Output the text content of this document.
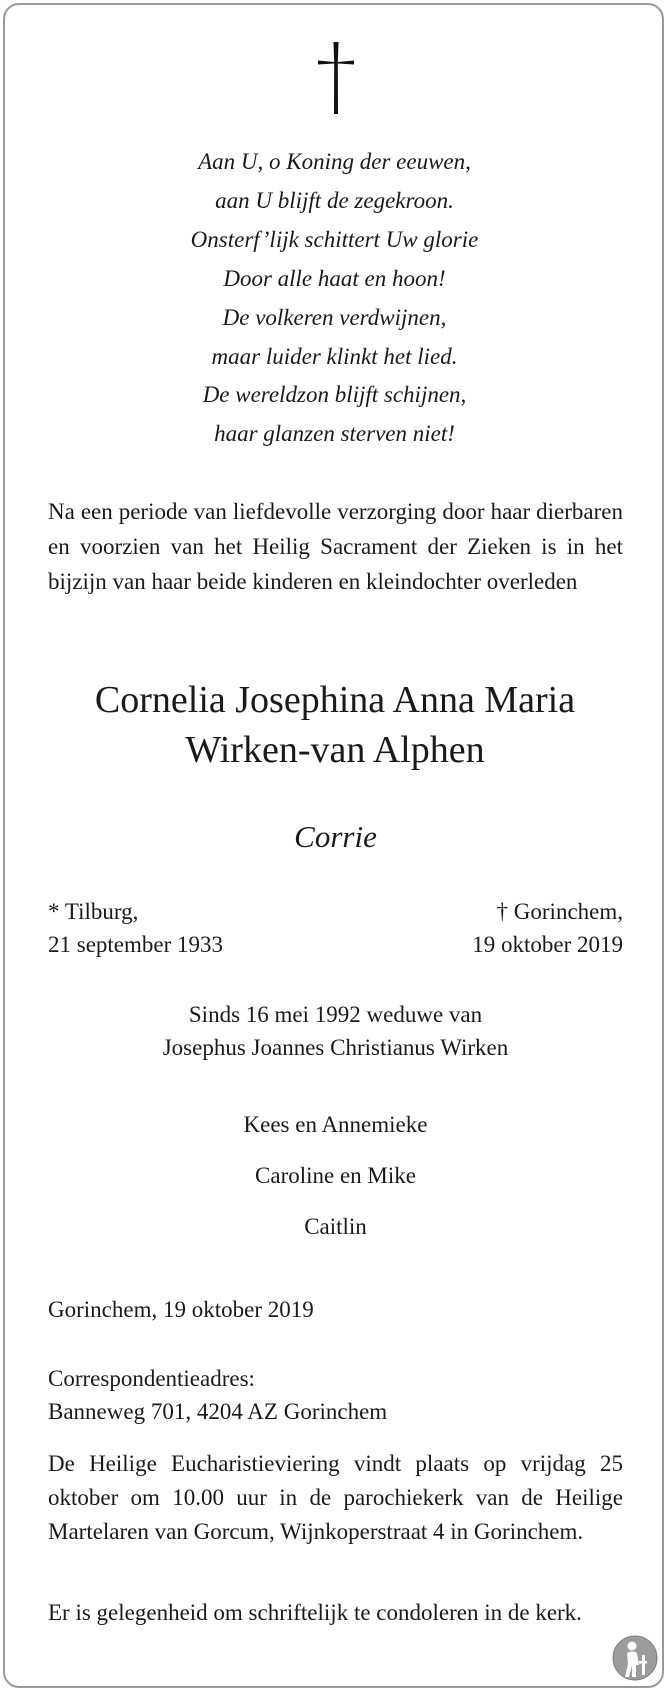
Aan U, o Koning der eeuwen,
aan U blijft de zegekroon.
Onsterf’lijk schittert Uw glorie
Door alle haat en hoon!
De volkeren verdwijnen,
maar luider klinkt het lied.
De wereldzon blijft schijnen,
haar glanzen sterven niet!
Na een periode van liefdevolle verzorging door haar dierbaren en voorzien van het Heilig Sacrament der Zieken is in het bijzijn van haar beide kinderen en kleindochter overleden
Cornelia Josephina Anna Maria
Wirken-van Alphen
Corrie
* Tilburg,
21 september 1933
† Gorinchem,
19 oktober 2019
Sinds 16 mei 1992 weduwe van
Josephus Joannes Christianus Wirken
Kees en Annemieke
Caroline en Mike
Caitlin
Gorinchem, 19 oktober 2019
Correspondentieadres:
Banneweg 701, 4204 AZ Gorinchem
De Heilige Eucharistieviering vindt plaats op vrijdag 25 oktober om 10.00 uur in de parochiekerk van de Heilige Martelaren van Gorcum, Wijnkoperstraat 4 in Gorinchem.
Er is gelegenheid om schriftelijk te condoleren in de kerk.
